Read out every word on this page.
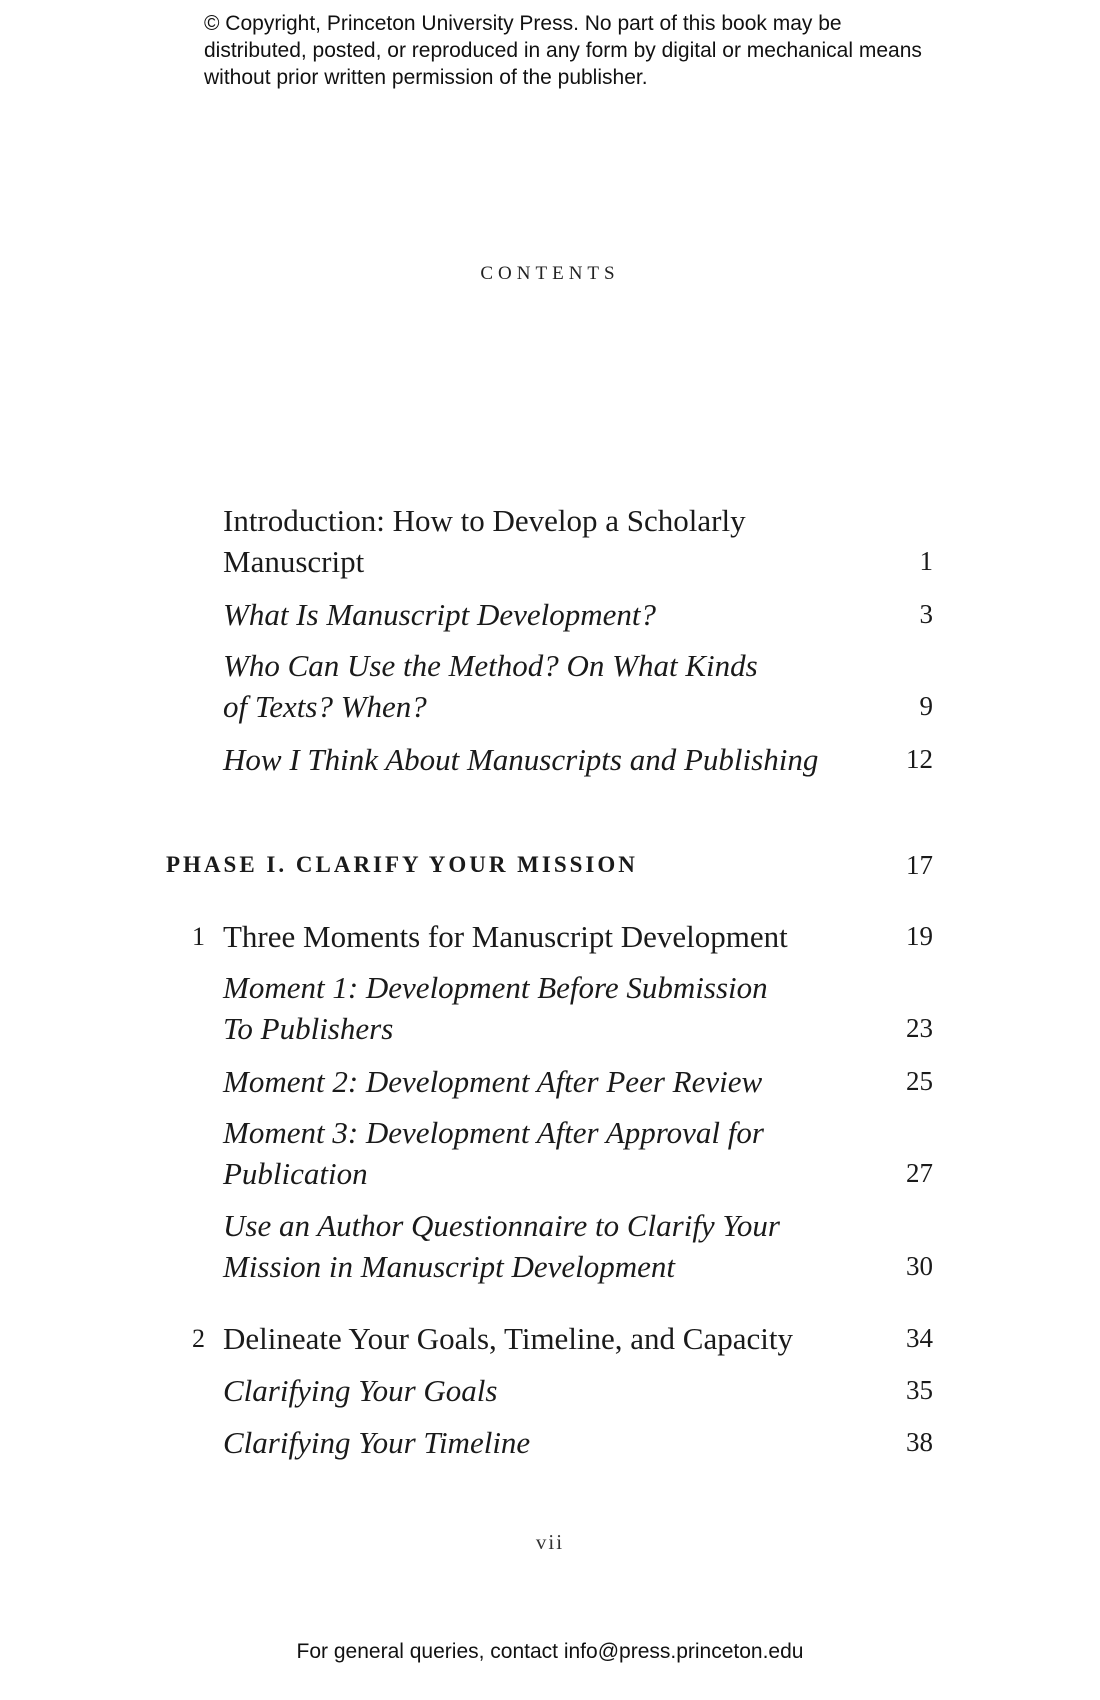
© Copyright, Princeton University Press. No part of this book may be distributed, posted, or reproduced in any form by digital or mechanical means without prior written permission of the publisher.

contents
Introduction: How to Develop a Scholarly Manuscript	1
What Is Manuscript Development?	3
Who Can Use the Method? On What Kinds of Texts? When?	9
How I Think About Manuscripts and Publishing	12
PHASE I. CLARIFY YOUR MISSION	17
1 Three Moments for Manuscript Development	19
Moment 1: Development Before Submission To Publishers	23
Moment 2: Development After Peer Review	25
Moment 3: Development After Approval for Publication	27
Use an Author Questionnaire to Clarify Your Mission in Manuscript Development	30
2 Delineate Your Goals, Timeline, and Capacity	34
Clarifying Your Goals	35
Clarifying Your Timeline	38
vii
For general queries, contact info@press.princeton.edu
